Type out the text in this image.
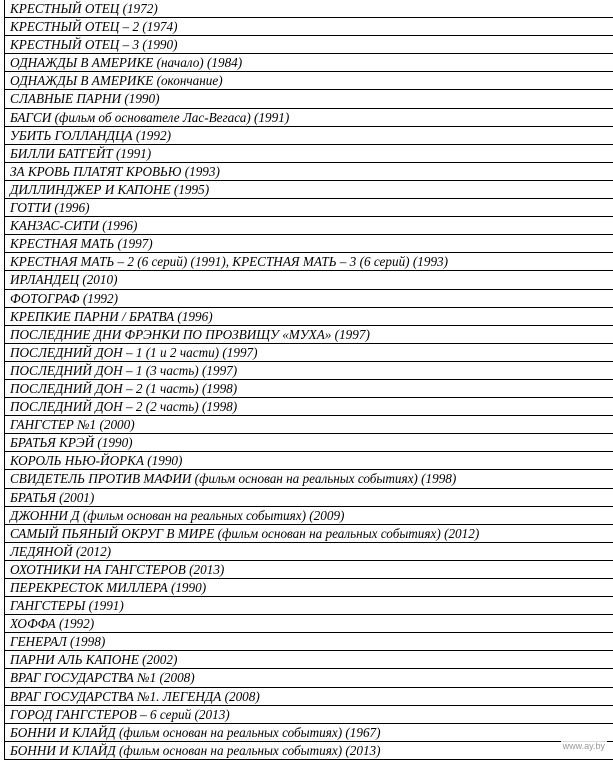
КРЕСТНЫЙ ОТЕЦ (1972)
КРЕСТНЫЙ ОТЕЦ – 2 (1974)
КРЕСТНЫЙ ОТЕЦ – 3 (1990)
ОДНАЖДЫ В АМЕРИКЕ (начало) (1984)
ОДНАЖДЫ В АМЕРИКЕ (окончание)
СЛАВНЫЕ ПАРНИ (1990)
БАГСИ (фильм об основателе Лас-Вегаса) (1991)
УБИТЬ ГОЛЛАНДЦА (1992)
БИЛЛИ БАТГЕЙТ (1991)
ЗА КРОВЬ ПЛАТЯТ КРОВЬЮ (1993)
ДИЛЛИНДЖЕР И КАПОНЕ (1995)
ГОТТИ (1996)
КАНЗАС-СИТИ (1996)
КРЕСТНАЯ МАТЬ (1997)
КРЕСТНАЯ МАТЬ – 2 (6 серий) (1991), КРЕСТНАЯ МАТЬ – 3 (6 серий) (1993)
ИРЛАНДЕЦ (2010)
ФОТОГРАФ (1992)
КРЕПКИЕ ПАРНИ / БРАТВА (1996)
ПОСЛЕДНИЕ ДНИ ФРЭНКИ ПО ПРОЗВИЩУ «МУХА» (1997)
ПОСЛЕДНИЙ ДОН – 1 (1 и 2 части) (1997)
ПОСЛЕДНИЙ ДОН – 1 (3 часть) (1997)
ПОСЛЕДНИЙ ДОН – 2 (1 часть) (1998)
ПОСЛЕДНИЙ ДОН – 2 (2 часть) (1998)
ГАНГСТЕР №1 (2000)
БРАТЬЯ КРЭЙ (1990)
КОРОЛЬ НЬЮ-ЙОРКА (1990)
СВИДЕТЕЛЬ ПРОТИВ МАФИИ (фильм основан на реальных событиях) (1998)
БРАТЬЯ (2001)
ДЖОННИ Д (фильм основан на реальных событиях) (2009)
САМЫЙ ПЬЯНЫЙ ОКРУГ В МИРЕ (фильм основан на реальных событиях) (2012)
ЛЕДЯНОЙ (2012)
ОХОТНИКИ НА ГАНГСТЕРОВ (2013)
ПЕРЕКРЕСТОК МИЛЛЕРА (1990)
ГАНГСТЕРЫ (1991)
ХОФФА (1992)
ГЕНЕРАЛ (1998)
ПАРНИ АЛЬ КАПОНЕ (2002)
ВРАГ ГОСУДАРСТВА №1 (2008)
ВРАГ ГОСУДАРСТВА №1. ЛЕГЕНДА (2008)
ГОРОД ГАНГСТЕРОВ – 6 серий (2013)
БОННИ И КЛАЙД (фильм основан на реальных событиях) (1967)
БОННИ И КЛАЙД (фильм основан на реальных событиях) (2013)	www.ay.by
